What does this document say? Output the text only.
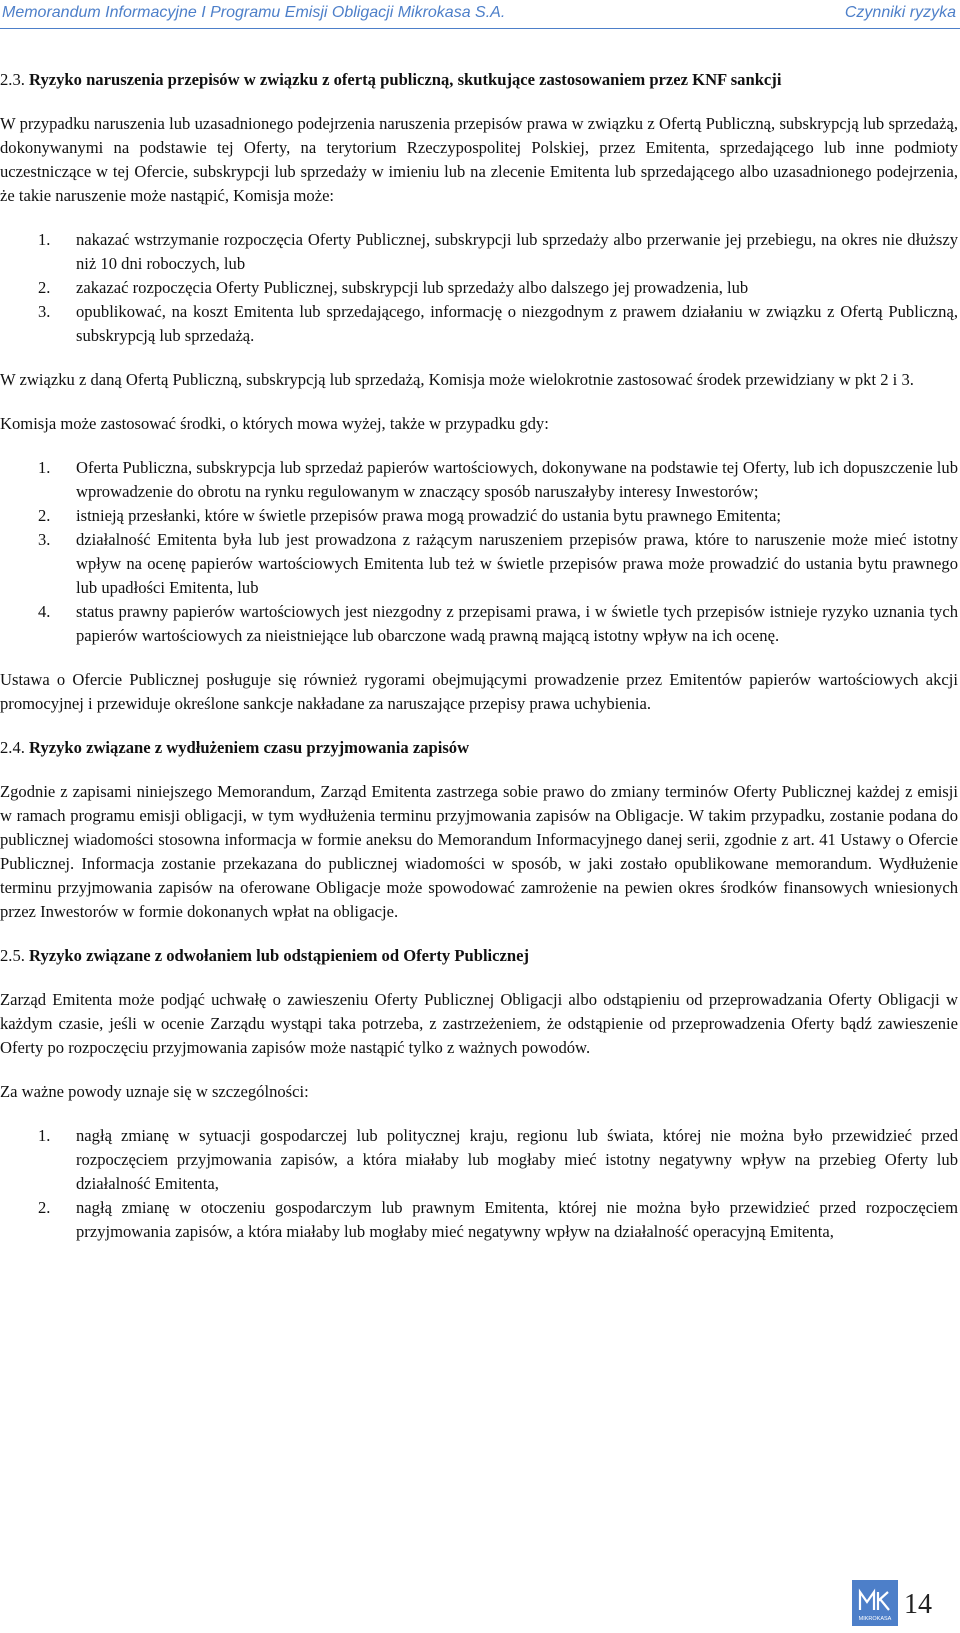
Memorandum Informacyjne I Programu Emisji Obligacji Mikrokasa S.A.	Czynniki ryzyka
2.3. Ryzyko naruszenia przepisów w związku z ofertą publiczną, skutkujące zastosowaniem przez KNF sankcji

W przypadku naruszenia lub uzasadnionego podejrzenia naruszenia przepisów prawa w związku z Ofertą Publiczną, subskrypcją lub sprzedażą, dokonywanymi na podstawie tej Oferty, na terytorium Rzeczypospolitej Polskiej, przez Emitenta, sprzedającego lub inne podmioty uczestniczące w tej Ofercie, subskrypcji lub sprzedaży w imieniu lub na zlecenie Emitenta lub sprzedającego albo uzasadnionego podejrzenia, że takie naruszenie może nastąpić, Komisja może:

1. nakazać wstrzymanie rozpoczęcia Oferty Publicznej, subskrypcji lub sprzedaży albo przerwanie jej przebiegu, na okres nie dłuższy niż 10 dni roboczych, lub
2. zakazać rozpoczęcia Oferty Publicznej, subskrypcji lub sprzedaży albo dalszego jej prowadzenia, lub
3. opublikować, na koszt Emitenta lub sprzedającego, informację o niezgodnym z prawem działaniu w związku z Ofertą Publiczną, subskrypcją lub sprzedażą.

W związku z daną Ofertą Publiczną, subskrypcją lub sprzedażą, Komisja może wielokrotnie zastosować środek przewidziany w pkt 2 i 3.

Komisja może zastosować środki, o których mowa wyżej, także w przypadku gdy:

1. Oferta Publiczna, subskrypcja lub sprzedaż papierów wartościowych, dokonywane na podstawie tej Oferty, lub ich dopuszczenie lub wprowadzenie do obrotu na rynku regulowanym w znaczący sposób naruszałyby interesy Inwestorów;
2. istnieją przesłanki, które w świetle przepisów prawa mogą prowadzić do ustania bytu prawnego Emitenta;
3. działalność Emitenta była lub jest prowadzona z rażącym naruszeniem przepisów prawa, które to naruszenie może mieć istotny wpływ na ocenę papierów wartościowych Emitenta lub też w świetle przepisów prawa może prowadzić do ustania bytu prawnego lub upadłości Emitenta, lub
4. status prawny papierów wartościowych jest niezgodny z przepisami prawa, i w świetle tych przepisów istnieje ryzyko uznania tych papierów wartościowych za nieistniejące lub obarczone wadą prawną mającą istotny wpływ na ich ocenę.

Ustawa o Ofercie Publicznej posługuje się również rygorami obejmującymi prowadzenie przez Emitentów papierów wartościowych akcji promocyjnej i przewiduje określone sankcje nakładane za naruszające przepisy prawa uchybienia.

2.4. Ryzyko związane z wydłużeniem czasu przyjmowania zapisów

Zgodnie z zapisami niniejszego Memorandum, Zarząd Emitenta zastrzega sobie prawo do zmiany terminów Oferty Publicznej każdej z emisji w ramach programu emisji obligacji, w tym wydłużenia terminu przyjmowania zapisów na Obligacje. W takim przypadku, zostanie podana do publicznej wiadomości stosowna informacja w formie aneksu do Memorandum Informacyjnego danej serii, zgodnie z art. 41 Ustawy o Ofercie Publicznej. Informacja zostanie przekazana do publicznej wiadomości w sposób, w jaki zostało opublikowane memorandum. Wydłużenie terminu przyjmowania zapisów na oferowane Obligacje może spowodować zamrożenie na pewien okres środków finansowych wniesionych przez Inwestorów w formie dokonanych wpłat na obligacje.

2.5. Ryzyko związane z odwołaniem lub odstąpieniem od Oferty Publicznej

Zarząd Emitenta może podjąć uchwałę o zawieszeniu Oferty Publicznej Obligacji albo odstąpieniu od przeprowadzania Oferty Obligacji w każdym czasie, jeśli w ocenie Zarządu wystąpi taka potrzeba, z zastrzeżeniem, że odstąpienie od przeprowadzenia Oferty bądź zawieszenie Oferty po rozpoczęciu przyjmowania zapisów może nastąpić tylko z ważnych powodów.

Za ważne powody uznaje się w szczególności:

1. nagłą zmianę w sytuacji gospodarczej lub politycznej kraju, regionu lub świata, której nie można było przewidzieć przed rozpoczęciem przyjmowania zapisów, a która miałaby lub mogłaby mieć istotny negatywny wpływ na przebieg Oferty lub działalność Emitenta,
2. nagłą zmianę w otoczeniu gospodarczym lub prawnym Emitenta, której nie można było przewidzieć przed rozpoczęciem przyjmowania zapisów, a która miałaby lub mogłaby mieć negatywny wpływ na działalność operacyjną Emitenta,
MIKROKASA 14
